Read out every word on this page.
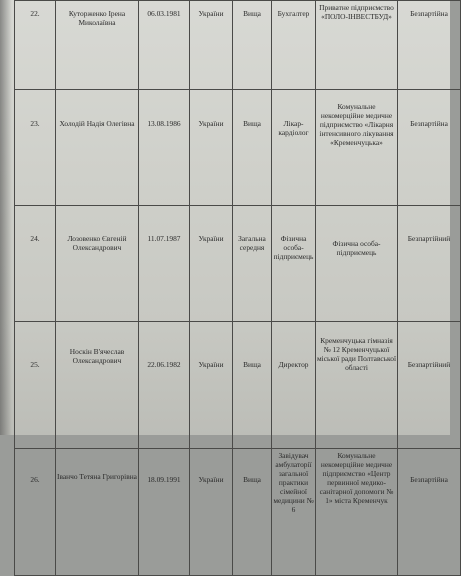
22.	Куторженко Ірена Миколаївна	06.03.1981	України	Вища	Бухгалтер	Приватне підприємство «ПОЛО-ІНВЕСТБУД»	Безпартійна
23.	Холодій Надія Олегівна	13.08.1986	України	Вища	Лікар-кардіолог	Комунальне некомерційне медичне підприємство «Лікарня інтенсивного лікування «Кременчуцька»	Безпартійна
24.	Лозовенко Євгеній Олександрович	11.07.1987	України	Загальна середня	Фізична особа-підприємець	Фізична особа-підприємець	Безпартійний
25.	Носкін В'ячеслав Олександрович	22.06.1982	України	Вища	Директор	Кременчуцька гімназія № 12 Кременчуцької міської ради Полтавської області	Безпартійний
26.	Іванчо Тетяна Григорівна	18.09.1991	України	Вища	Завідувач амбулаторії загальної практики сімейної медицини № 6	Комунальне некомерційне медичне підприємство «Центр первинної медико-санітарної допомоги № 1» міста Кременчук	Безпартійна
